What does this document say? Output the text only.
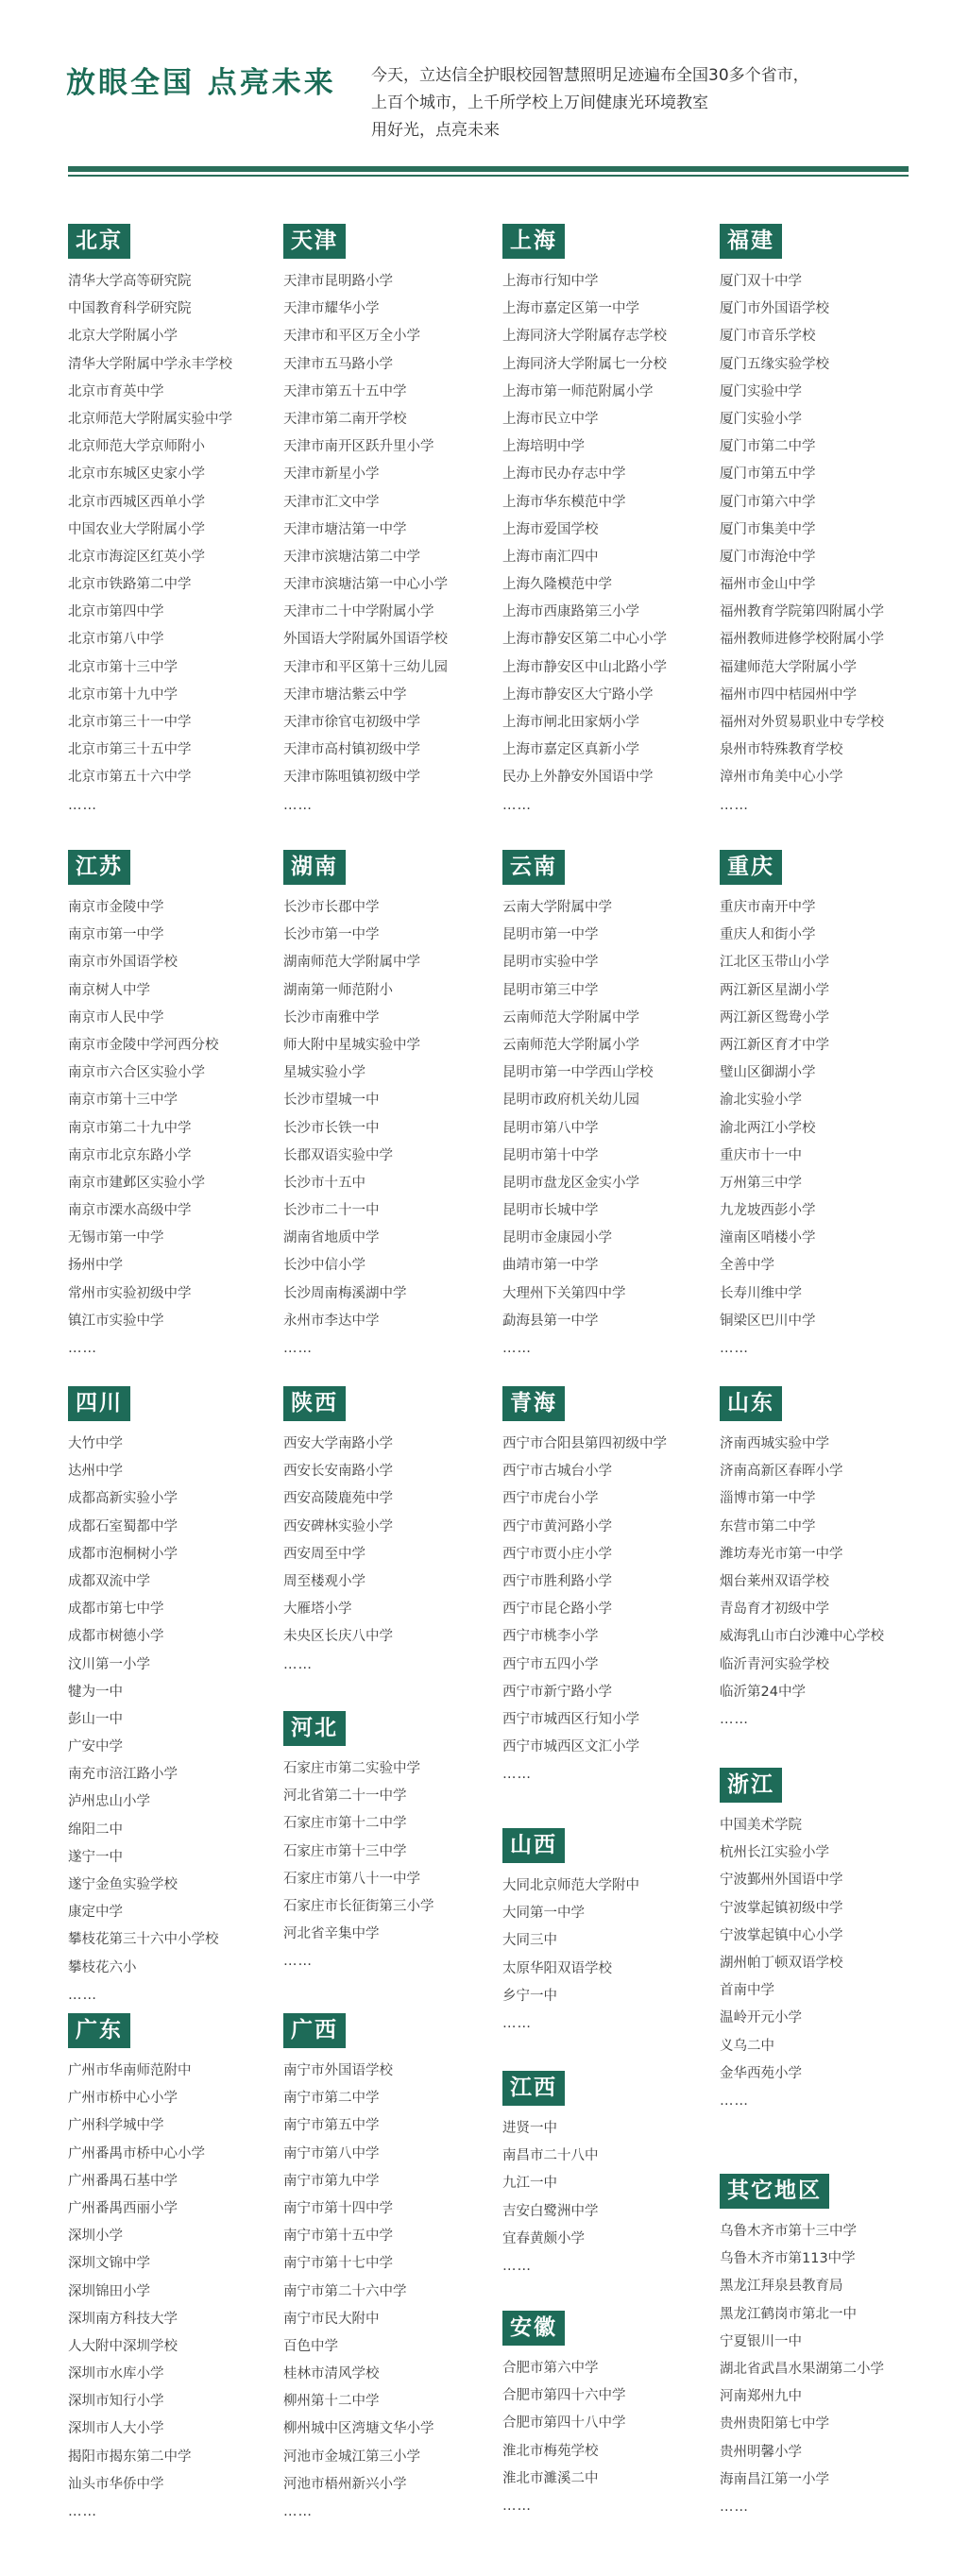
放眼全国 点亮未来 今天，立达信全护眼校园智慧照明足迹遍布全国30多个省市，
上百个城市，上千所学校上万间健康光环境教室
用好光，点亮未来
北京
清华大学高等研究院
中国教育科学研究院
北京大学附属小学
清华大学附属中学永丰学校
北京市育英中学
北京师范大学附属实验中学
北京师范大学京师附小
北京市东城区史家小学
北京市西城区西单小学
中国农业大学附属小学
北京市海淀区红英小学
北京市铁路第二中学
北京市第四中学
北京市第八中学
北京市第十三中学
北京市第十九中学
北京市第三十一中学
北京市第三十五中学
北京市第五十六中学
……
天津
天津市昆明路小学
天津市耀华小学
天津市和平区万全小学
天津市五马路小学
天津市第五十五中学
天津市第二南开学校
天津市南开区跃升里小学
天津市新星小学
天津市汇文中学
天津市塘沽第一中学
天津市滨塘沽第二中学
天津市滨塘沽第一中心小学
天津市二十中学附属小学
外国语大学附属外国语学校
天津市和平区第十三幼儿园
天津市塘沽紫云中学
天津市徐官屯初级中学
天津市高村镇初级中学
天津市陈咀镇初级中学
……
上海
上海市行知中学
上海市嘉定区第一中学
上海同济大学附属存志学校
上海同济大学附属七一分校
上海市第一师范附属小学
上海市民立中学
上海培明中学
上海市民办存志中学
上海市华东模范中学
上海市爱国学校
上海市南汇四中
上海久隆模范中学
上海市西康路第三小学
上海市静安区第二中心小学
上海市静安区中山北路小学
上海市静安区大宁路小学
上海市闸北田家炳小学
上海市嘉定区真新小学
民办上外静安外国语中学
……
福建
厦门双十中学
厦门市外国语学校
厦门市音乐学校
厦门五缘实验学校
厦门实验中学
厦门实验小学
厦门市第二中学
厦门市第五中学
厦门市第六中学
厦门市集美中学
厦门市海沧中学
福州市金山中学
福州教育学院第四附属小学
福州教师进修学校附属小学
福建师范大学附属小学
福州市四中桔园州中学
福州对外贸易职业中专学校
泉州市特殊教育学校
漳州市角美中心小学
……
江苏
南京市金陵中学
南京市第一中学
南京市外国语学校
南京树人中学
南京市人民中学
南京市金陵中学河西分校
南京市六合区实验小学
南京市第十三中学
南京市第二十九中学
南京市北京东路小学
南京市建邺区实验小学
南京市溧水高级中学
无锡市第一中学
扬州中学
常州市实验初级中学
镇江市实验中学
……
湖南
长沙市长郡中学
长沙市第一中学
湖南师范大学附属中学
湖南第一师范附小
长沙市南雅中学
师大附中星城实验中学
星城实验小学
长沙市望城一中
长沙市长铁一中
长郡双语实验中学
长沙市十五中
长沙市二十一中
湖南省地质中学
长沙中信小学
长沙周南梅溪湖中学
永州市李达中学
……
云南
云南大学附属中学
昆明市第一中学
昆明市实验中学
昆明市第三中学
云南师范大学附属中学
云南师范大学附属小学
昆明市第一中学西山学校
昆明市政府机关幼儿园
昆明市第八中学
昆明市第十中学
昆明市盘龙区金实小学
昆明市长城中学
昆明市金康园小学
曲靖市第一中学
大理州下关第四中学
勐海县第一中学
……
重庆
重庆市南开中学
重庆人和街小学
江北区玉带山小学
两江新区星湖小学
两江新区鸳鸯小学
两江新区育才中学
璧山区御湖小学
渝北实验小学
渝北两江小学校
重庆市十一中
万州第三中学
九龙坡西彭小学
潼南区哨楼小学
全善中学
长寿川维中学
铜梁区巴川中学
……
四川
大竹中学
达州中学
成都高新实验小学
成都石室蜀都中学
成都市泡桐树小学
成都双流中学
成都市第七中学
成都市树德小学
汶川第一小学
犍为一中
彭山一中
广安中学
南充市涪江路小学
泸州忠山小学
绵阳二中
遂宁一中
遂宁金鱼实验学校
康定中学
攀枝花第三十六中小学校
攀枝花六小
……
陕西
西安大学南路小学
西安长安南路小学
西安高陵鹿苑中学
西安碑林实验小学
西安周至中学
周至楼观小学
大雁塔小学
未央区长庆八中学
……
河北
石家庄市第二实验中学
河北省第二十一中学
石家庄市第十二中学
石家庄市第十三中学
石家庄市第八十一中学
石家庄市长征街第三小学
河北省辛集中学
……
青海
西宁市合阳县第四初级中学
西宁市古城台小学
西宁市虎台小学
西宁市黄河路小学
西宁市贾小庄小学
西宁市胜利路小学
西宁市昆仑路小学
西宁市桃李小学
西宁市五四小学
西宁市新宁路小学
西宁市城西区行知小学
西宁市城西区文汇小学
……
山东
济南西城实验中学
济南高新区春晖小学
淄博市第一中学
东营市第二中学
潍坊寿光市第一中学
烟台莱州双语学校
青岛育才初级中学
威海乳山市白沙滩中心学校
临沂青河实验学校
临沂第24中学
……
浙江
中国美术学院
杭州长江实验小学
宁波鄞州外国语中学
宁波掌起镇初级中学
宁波掌起镇中心小学
湖州帕丁顿双语学校
首南中学
温岭开元小学
义乌二中
金华西苑小学
……
山西
大同北京师范大学附中
大同第一中学
大同三中
太原华阳双语学校
乡宁一中
……
江西
进贤一中
南昌市二十八中
九江一中
吉安白鹭洲中学
宜春黄颇小学
……
安徽
合肥市第六中学
合肥市第四十六中学
合肥市第四十八中学
淮北市梅苑学校
淮北市濉溪二中
……
广东
广州市华南师范附中
广州市桥中心小学
广州科学城中学
广州番禺市桥中心小学
广州番禺石基中学
广州番禺西丽小学
深圳小学
深圳文锦中学
深圳锦田小学
深圳南方科技大学
人大附中深圳学校
深圳市水库小学
深圳市知行小学
深圳市人大小学
揭阳市揭东第二中学
汕头市华侨中学
……
广西
南宁市外国语学校
南宁市第二中学
南宁市第五中学
南宁市第八中学
南宁市第九中学
南宁市第十四中学
南宁市第十五中学
南宁市第十七中学
南宁市第二十六中学
南宁市民大附中
百色中学
桂林市清风学校
柳州第十二中学
柳州城中区湾塘文华小学
河池市金城江第三小学
河池市梧州新兴小学
……
其它地区
乌鲁木齐市第十三中学
乌鲁木齐市第113中学
黑龙江拜泉县教育局
黑龙江鹤岗市第北一中
宁夏银川一中
湖北省武昌水果湖第二小学
河南郑州九中
贵州贵阳第七中学
贵州明馨小学
海南昌江第一小学
……
